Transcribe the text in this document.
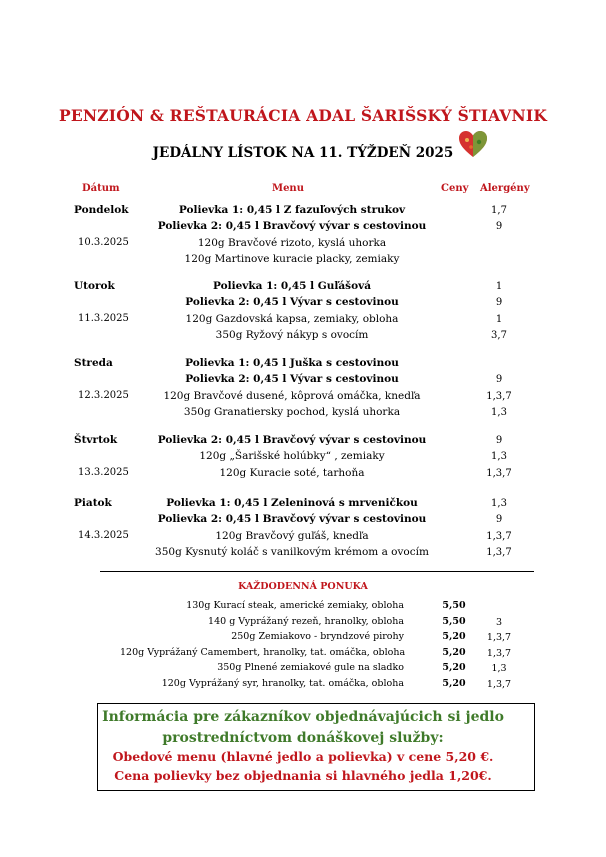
PENZIÓN & REŠTAURÁCIA ADAL ŠARIŠSKÝ ŠTIAVNIK
JEDÁLNY LÍSTOK NA 11. TÝŽDEŇ 2025
Dátum	Menu	Ceny Alergény
Pondelok
10.3.2025
Polievka 1: 0,45 l Z fazuľových strukov	1,7
Polievka 2: 0,45 l Bravčový vývar s cestovinou	9
120g Bravčové rizoto, kyslá uhorka
120g Martinove kuracie placky, zemiaky
Utorok
11.3.2025
Polievka 1: 0,45 l Guľášová	1
Polievka 2: 0,45 l Vývar s cestovinou	9
120g Gazdovská kapsa, zemiaky, obloha	1
350g Ryžový nákyp s ovocím	3,7
Streda
12.3.2025
Polievka 1: 0,45 l Juška s cestovinou
Polievka 2: 0,45 l Vývar s cestovinou	9
120g Bravčové dusené, kôprová omáčka, knedľa	1,3,7
350g Granatiersky pochod, kyslá uhorka	1,3
Štvrtok
13.3.2025
Polievka 2: 0,45 l Bravčový vývar s cestovinou	9
120g „Šarišské holúbky“ , zemiaky	1,3
120g Kuracie soté, tarhoňa	1,3,7
Piatok
14.3.2025
Polievka 1: 0,45 l Zeleninová s mrveničkou	1,3
Polievka 2: 0,45 l Bravčový vývar s cestovinou	9
120g Bravčový guľáš, knedľa	1,3,7
350g Kysnutý koláč s vanilkovým krémom a ovocím	1,3,7
KAŽDODENNÁ PONUKA
130g Kurací steak, americké zemiaky, obloha	5,50
140 g Vyprážaný rezeň, hranolky, obloha	5,50	3
250g Zemiakovo - bryndzové pirohy	5,20	1,3,7
120g Vyprážaný Camembert, hranolky, tat. omáčka, obloha	5,20	1,3,7
350g Plnené zemiakové gule na sladko	5,20	1,3
120g Vyprážaný syr, hranolky, tat. omáčka, obloha	5,20	1,3,7
Informácia pre zákazníkov objednávajúcich si jedlo
prostredníctvom donáškovej služby:
Obedové menu (hlavné jedlo a polievka) v cene 5,20 €.
Cena polievky bez objednania si hlavného jedla 1,20€.
